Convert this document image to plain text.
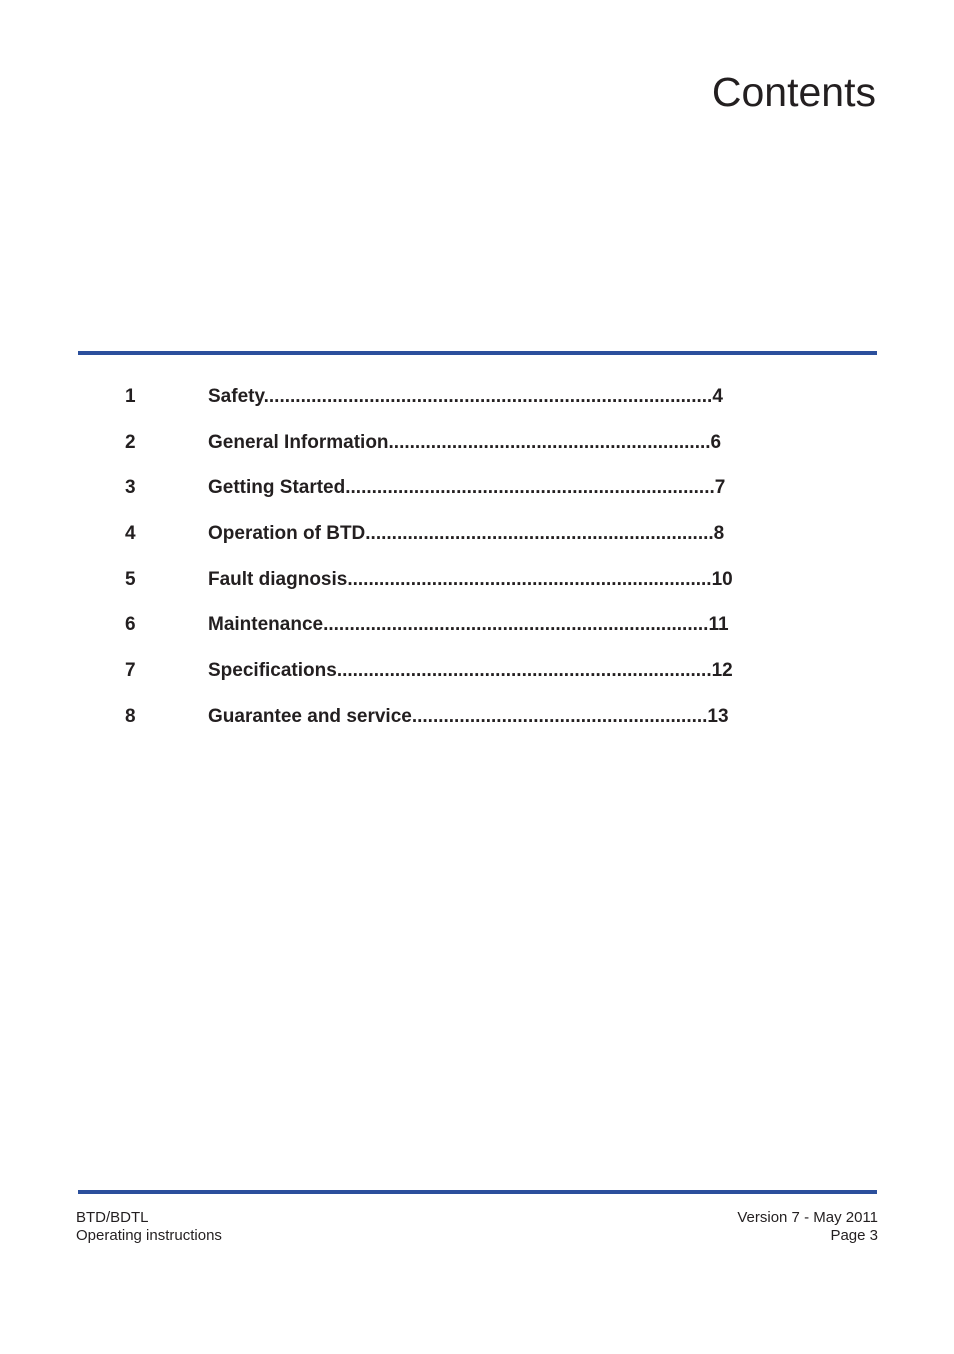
Contents
1	Safety.....................................................................................4
2	General Information.............................................................6
3	Getting Started......................................................................7
4	Operation of BTD..................................................................8
5	Fault diagnosis.....................................................................10
6	Maintenance.........................................................................11
7	Specifications.......................................................................12
8	Guarantee and service........................................................13
BTD/BDTL
Operating instructions
Version 7 - May 2011
Page 3
